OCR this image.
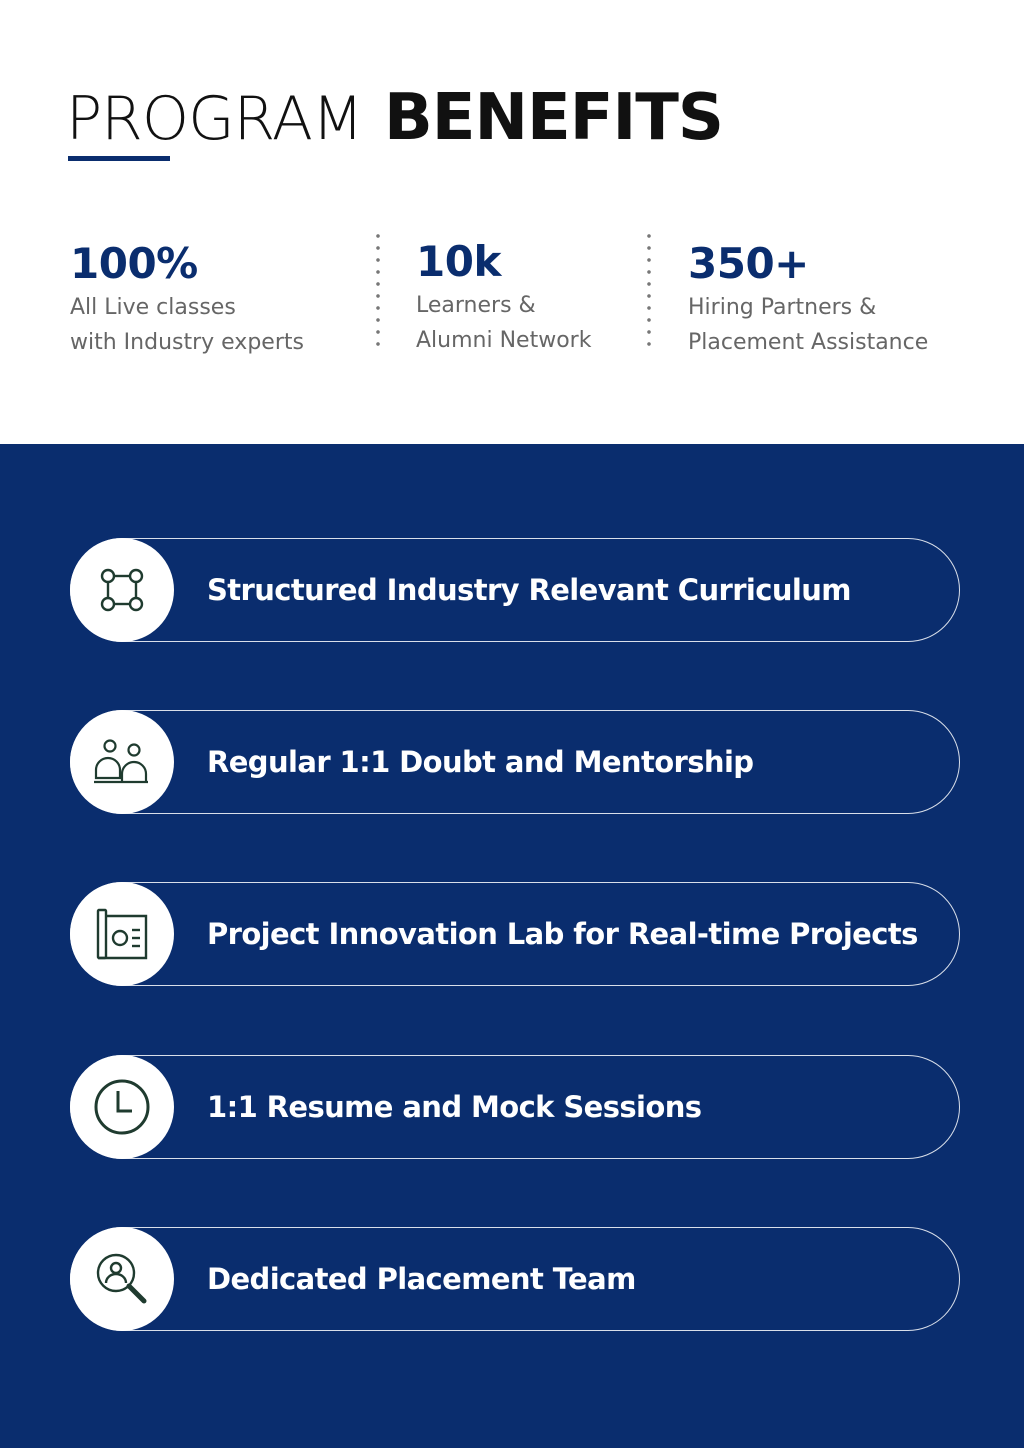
PROGRAM BENEFITS
100%
All Live classes
with Industry experts
10k
Learners &
Alumni Network
350+
Hiring Partners &
Placement Assistance
Structured Industry Relevant Curriculum
Regular 1:1 Doubt and Mentorship
Project Innovation Lab for Real-time Projects
1:1 Resume and Mock Sessions
Dedicated Placement Team
